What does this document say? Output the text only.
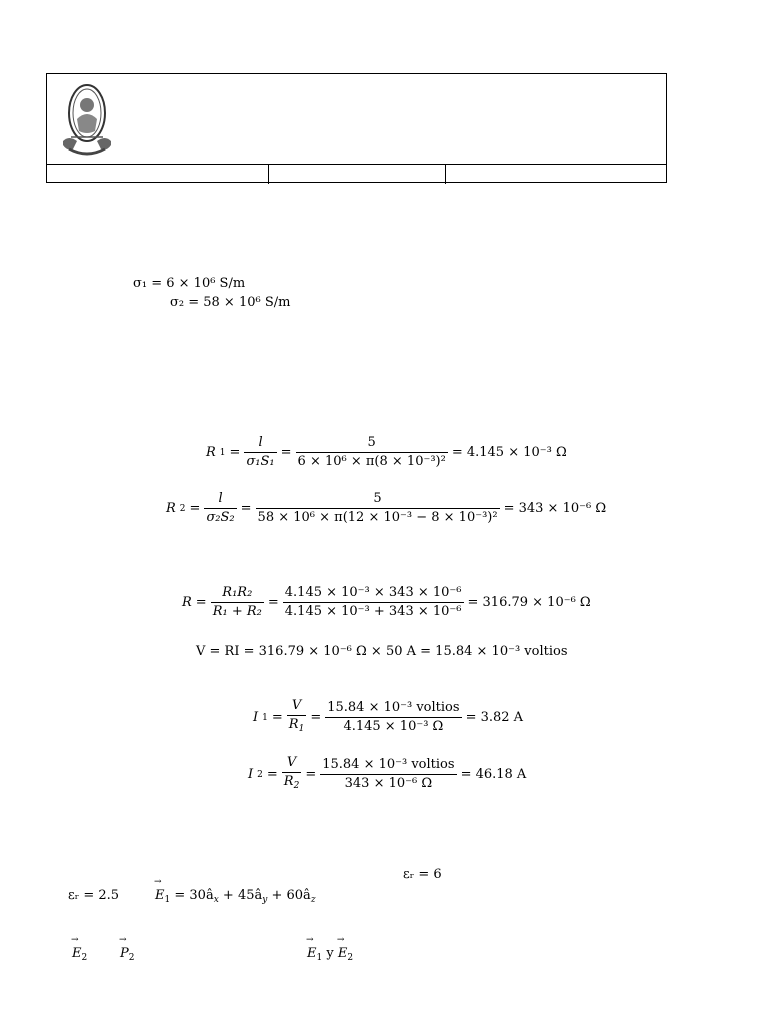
σ₁ = 6 × 10⁶ S/m
σ₂ = 58 × 10⁶ S/m
R $1 = \frac{l}{\text{σ₁S₁}} = \frac{5}{\text{6 × 10⁶ × π(8 × 10⁻³)²}} = 4.145 \times 10^{-3}$ Ω
R $2 = \frac{l}{\text{σ₂S₂}} = \frac{5}{\text{58 × 10⁶ × π(12 × 10⁻³ − 8 × 10⁻³)²}} = 343 \times 10^{-6}$ Ω
$R = \frac{\text{R₁R₂}}{\text{R₁ + R₂}} = \frac{\text{4.145 × 10⁻³ × 343 × 10⁻⁶}}{\text{4.145 × 10⁻³ + 343 × 10⁻⁶}} = 316.79 \times 10^{-6}$ Ω
V = RI = 316.79 × 10⁻⁶ Ω × 50 A = 15.84 × 10⁻³ voltios
I $1 = \frac{V}{R_1} = \frac{\text{15.84 × 10⁻³ voltios}}{\text{4.145 × 10⁻³ Ω}} = 3.82$ A
I $2 = \frac{V}{R_2} = \frac{\text{15.84 × 10⁻³ voltios}}{\text{343 × 10⁻⁶ Ω}} = 46.18$ A
εᵣ = 6
εᵣ = 2.5	→ $E_1$ = $30â_x$ + $45â_y$ + $60â_z$
→ $E_2$	→ $P_2$	→ $E_1$ $y \to E_2$
